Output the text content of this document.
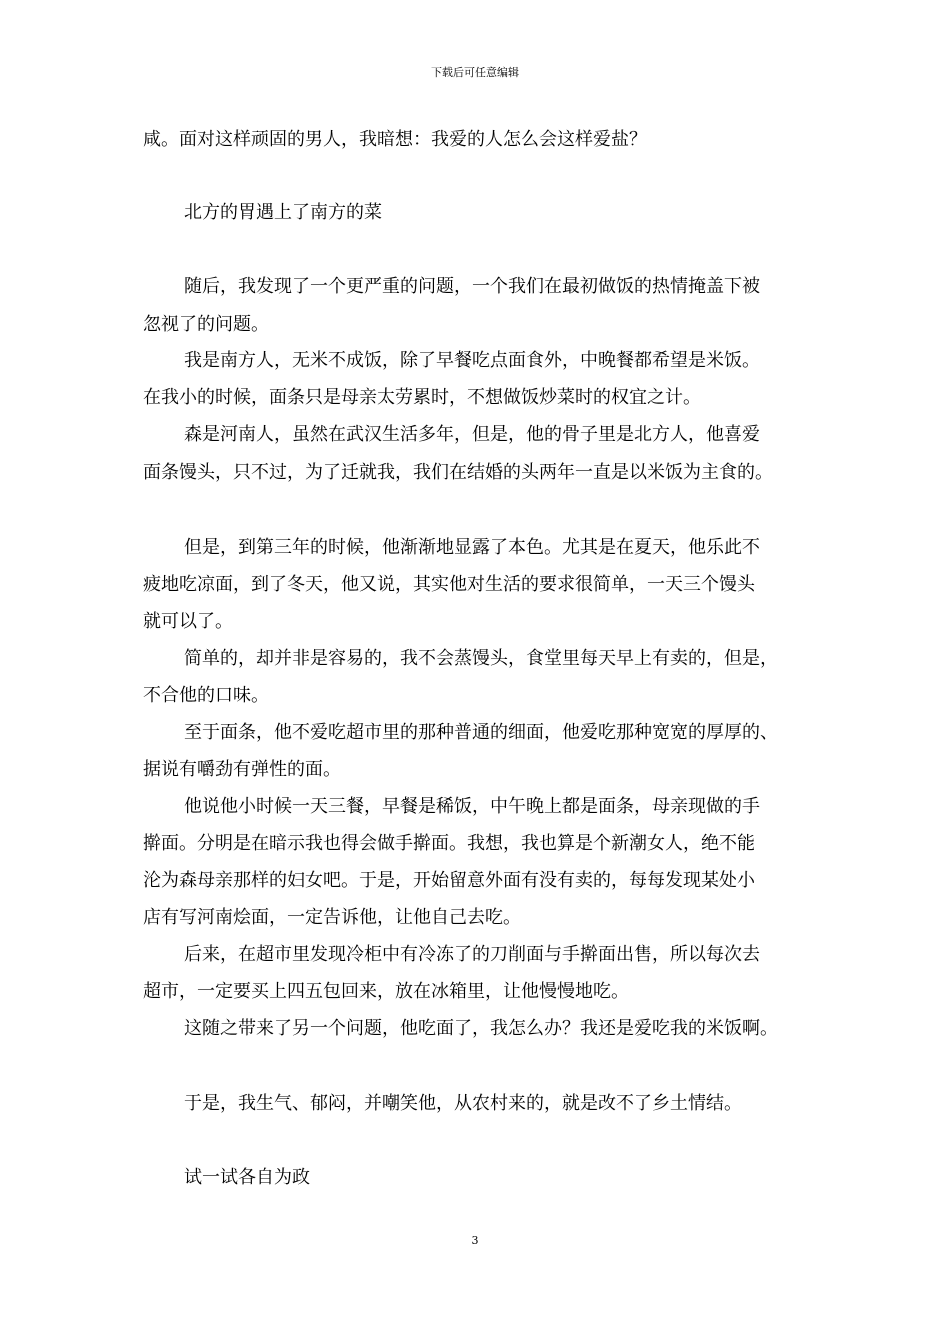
下载后可任意编辑
咸。面对这样顽固的男人，我暗想：我爱的人怎么会这样爱盐？
北方的胃遇上了南方的菜
随后，我发现了一个更严重的问题，一个我们在最初做饭的热情掩盖下被
忽视了的问题。
我是南方人，无米不成饭，除了早餐吃点面食外，中晚餐都希望是米饭。
在我小的时候，面条只是母亲太劳累时，不想做饭炒菜时的权宜之计。
森是河南人，虽然在武汉生活多年，但是，他的骨子里是北方人，他喜爱
面条馒头，只不过，为了迁就我，我们在结婚的头两年一直是以米饭为主食的。
但是，到第三年的时候，他渐渐地显露了本色。尤其是在夏天，他乐此不
疲地吃凉面，到了冬天，他又说，其实他对生活的要求很简单，一天三个馒头
就可以了。
简单的，却并非是容易的，我不会蒸馒头，食堂里每天早上有卖的，但是，
不合他的口味。
至于面条，他不爱吃超市里的那种普通的细面，他爱吃那种宽宽的厚厚的、
据说有嚼劲有弹性的面。
他说他小时候一天三餐，早餐是稀饭，中午晚上都是面条，母亲现做的手
擀面。分明是在暗示我也得会做手擀面。我想，我也算是个新潮女人，绝不能
沦为森母亲那样的妇女吧。于是，开始留意外面有没有卖的，每每发现某处小
店有写河南烩面，一定告诉他，让他自己去吃。
后来，在超市里发现冷柜中有冷冻了的刀削面与手擀面出售，所以每次去
超市，一定要买上四五包回来，放在冰箱里，让他慢慢地吃。
这随之带来了另一个问题，他吃面了，我怎么办？我还是爱吃我的米饭啊。
于是，我生气、郁闷，并嘲笑他，从农村来的，就是改不了乡土情结。
试一试各自为政
3
